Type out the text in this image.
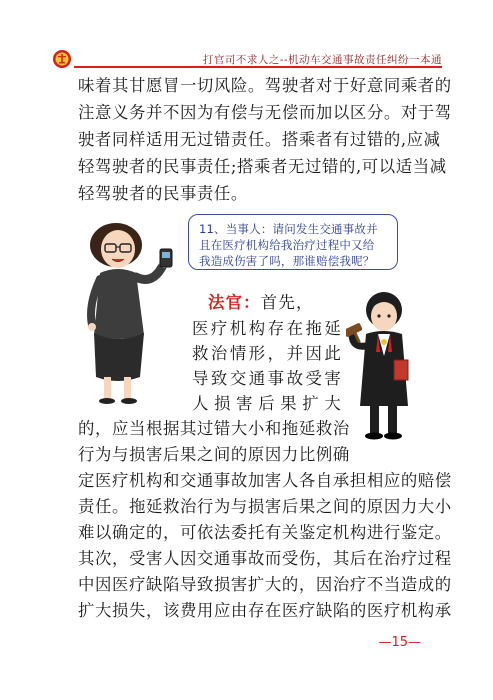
打官司不求人之--机动车交通事故责任纠纷一本通
味着其甘愿冒一切风险。驾驶者对于好意同乘者的
注意义务并不因为有偿与无偿而加以区分。对于驾
驶者同样适用无过错责任。搭乘者有过错的,应减
轻驾驶者的民事责任;搭乘者无过错的,可以适当减
轻驾驶者的民事责任。
11、当事人：请问发生交通事故并
且在医疗机构给我治疗过程中又给
我造成伤害了吗，那谁赔偿我呢？
法官：首先，
医疗机构存在拖延
救治情形，并因此
导致交通事故受害
人损害后果扩大
的，应当根据其过错大小和拖延救治
行为与损害后果之间的原因力比例确
定医疗机构和交通事故加害人各自承担相应的赔偿
责任。拖延救治行为与损害后果之间的原因力大小
难以确定的，可依法委托有关鉴定机构进行鉴定。
其次，受害人因交通事故而受伤，其后在治疗过程
中因医疗缺陷导致损害扩大的，因治疗不当造成的
扩大损失，该费用应由存在医疗缺陷的医疗机构承
—15—
